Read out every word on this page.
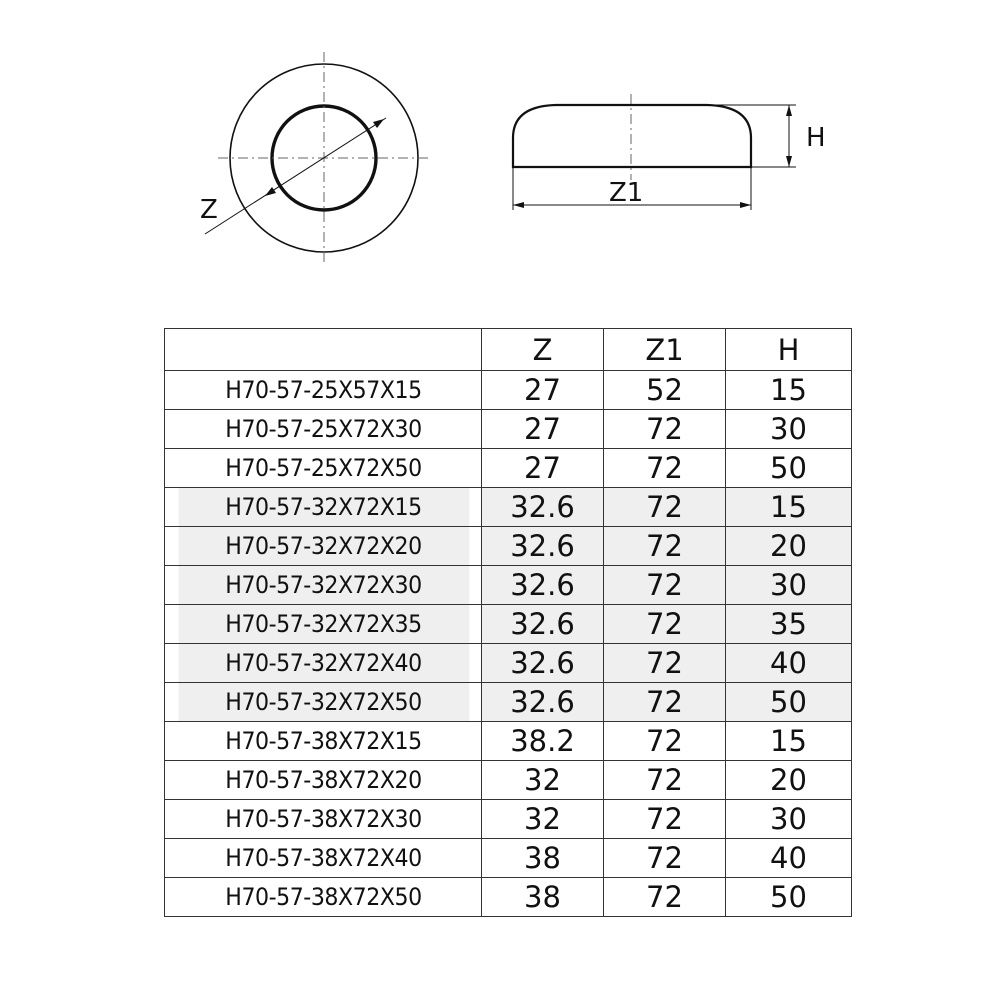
Z
H
Z1
	Z	Z1	H
H70-57-25X57X15	27	52	15
H70-57-25X72X30	27	72	30
H70-57-25X72X50	27	72	50
H70-57-32X72X15	32.6	72	15
H70-57-32X72X20	32.6	72	20
H70-57-32X72X30	32.6	72	30
H70-57-32X72X35	32.6	72	35
H70-57-32X72X40	32.6	72	40
H70-57-32X72X50	32.6	72	50
H70-57-38X72X15	38.2	72	15
H70-57-38X72X20	32	72	20
H70-57-38X72X30	32	72	30
H70-57-38X72X40	38	72	40
H70-57-38X72X50	38	72	50
